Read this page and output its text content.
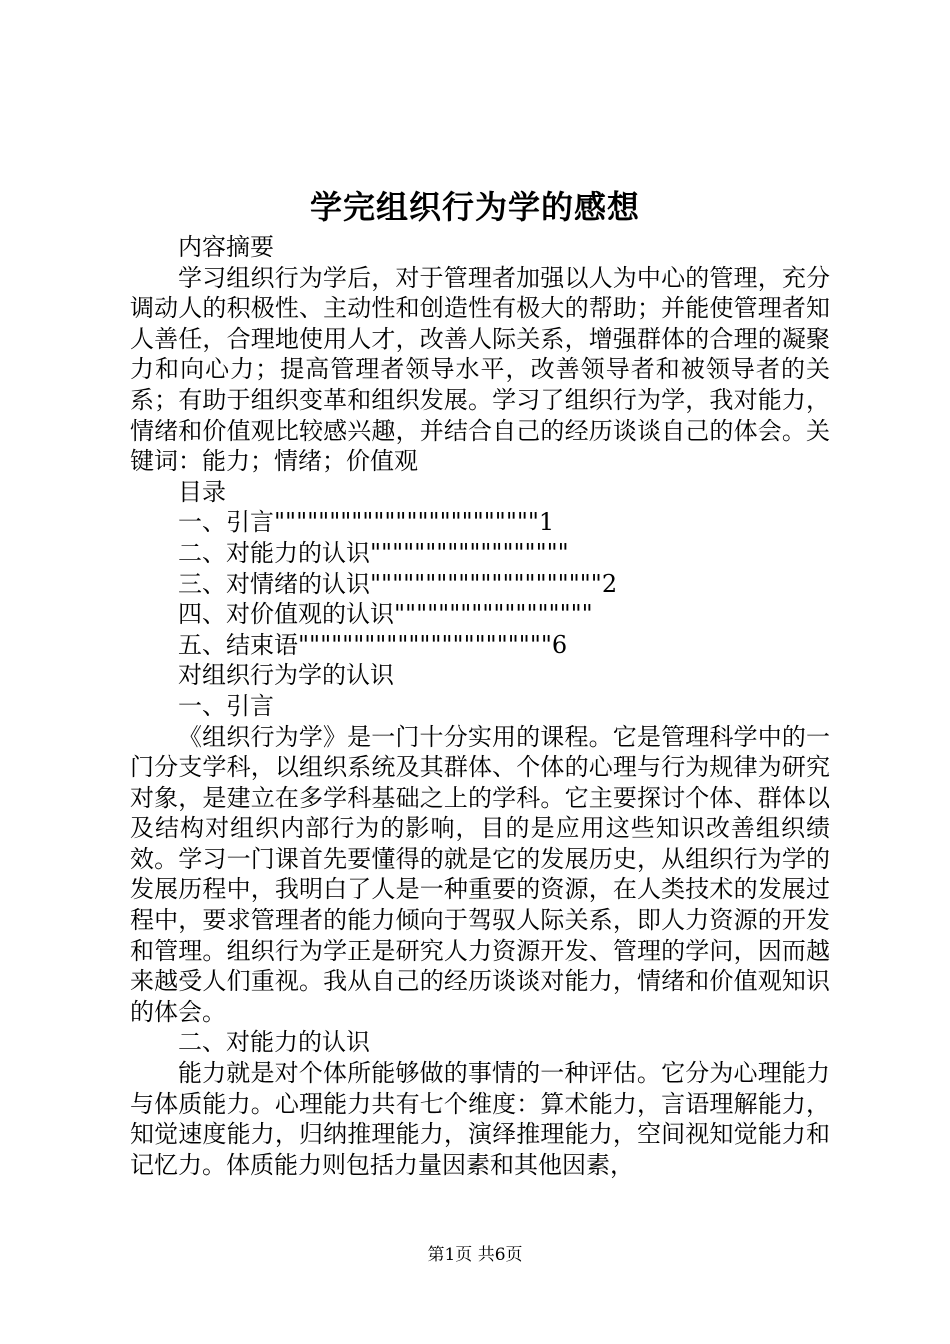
学完组织行为学的感想

内容摘要

学习组织行为学后，对于管理者加强以人为中心的管理，充分调动人的积极性、主动性和创造性有极大的帮助；并能使管理者知人善任，合理地使用人才，改善人际关系，增强群体的合理的凝聚力和向心力；提高管理者领导水平，改善领导者和被领导者的关系；有助于组织变革和组织发展。学习了组织行为学，我对能力，情绪和价值观比较感兴趣，并结合自己的经历谈谈自己的体会。关键词：能力；情绪；价值观

目录

一、引言""""""""""""""""""""""""1

二、对能力的认识""""""""""""""""""

三、对情绪的认识"""""""""""""""""""""2

四、对价值观的认识""""""""""""""""""

五、结束语"""""""""""""""""""""""6

对组织行为学的认识

一、引言

《组织行为学》是一门十分实用的课程。它是管理科学中的一门分支学科，以组织系统及其群体、个体的心理与行为规律为研究对象，是建立在多学科基础之上的学科。它主要探讨个体、群体以及结构对组织内部行为的影响，目的是应用这些知识改善组织绩效。学习一门课首先要懂得的就是它的发展历史，从组织行为学的发展历程中，我明白了人是一种重要的资源，在人类技术的发展过程中，要求管理者的能力倾向于驾驭人际关系，即人力资源的开发和管理。组织行为学正是研究人力资源开发、管理的学问，因而越来越受人们重视。我从自己的经历谈谈对能力，情绪和价值观知识的体会。

二、对能力的认识

能力就是对个体所能够做的事情的一种评估。它分为心理能力与体质能力。心理能力共有七个维度：算术能力，言语理解能力，知觉速度能力，归纳推理能力，演绎推理能力，空间视知觉能力和记忆力。体质能力则包括力量因素和其他因素，

第1页 共6页
